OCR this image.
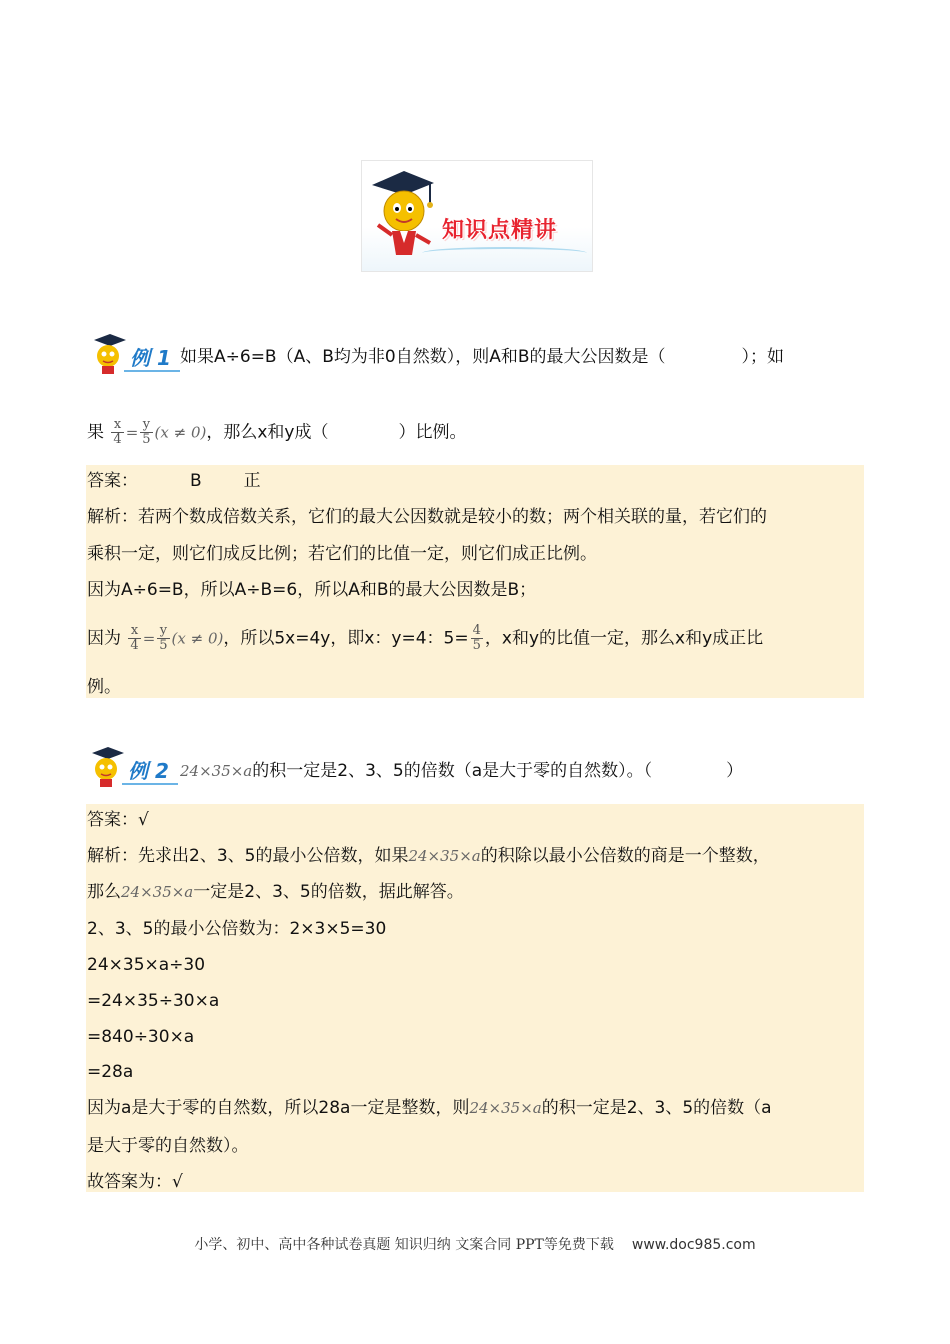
知识点精讲
例 1 如果A÷6=B（A、B均为非0自然数），则A和B的最大公因数是（	）；如
果 $\frac{x}{4} = \frac{y}{5} (x \ne 0)$，那么x和y成（	）比例。
答案：	B 正
解析：若两个数成倍数关系，它们的最大公因数就是较小的数；两个相关联的量，若它们的
乘积一定，则它们成反比例；若它们的比值一定，则它们成正比例。
因为A÷6=B，所以A÷B=6，所以A和B的最大公因数是B；
因为 $\frac{x}{4} = \frac{y}{5} (x \ne 0)$，所以5x=4y，即x：y=4：$5= \frac{4}{5}$ ，x和y的比值一定，那么x和y成正比
例。
例 2 24×35×a的积一定是2、3、5的倍数（a是大于零的自然数）。（	）
答案：√
解析：先求出2、3、5的最小公倍数，如果24×35×a的积除以最小公倍数的商是一个整数，
那么24×35×a一定是2、3、5的倍数，据此解答。
2、3、5的最小公倍数为：2×3×5=30
24×35×a÷30
=24×35÷30×a
=840÷30×a
=28a
因为a是大于零的自然数，所以28a一定是整数，则24×35×a的积一定是2、3、5的倍数（a
是大于零的自然数）。
故答案为：√
小学、初中、高中各种试卷真题 知识归纳 文案合同 PPT等免费下载 www.doc985.com
